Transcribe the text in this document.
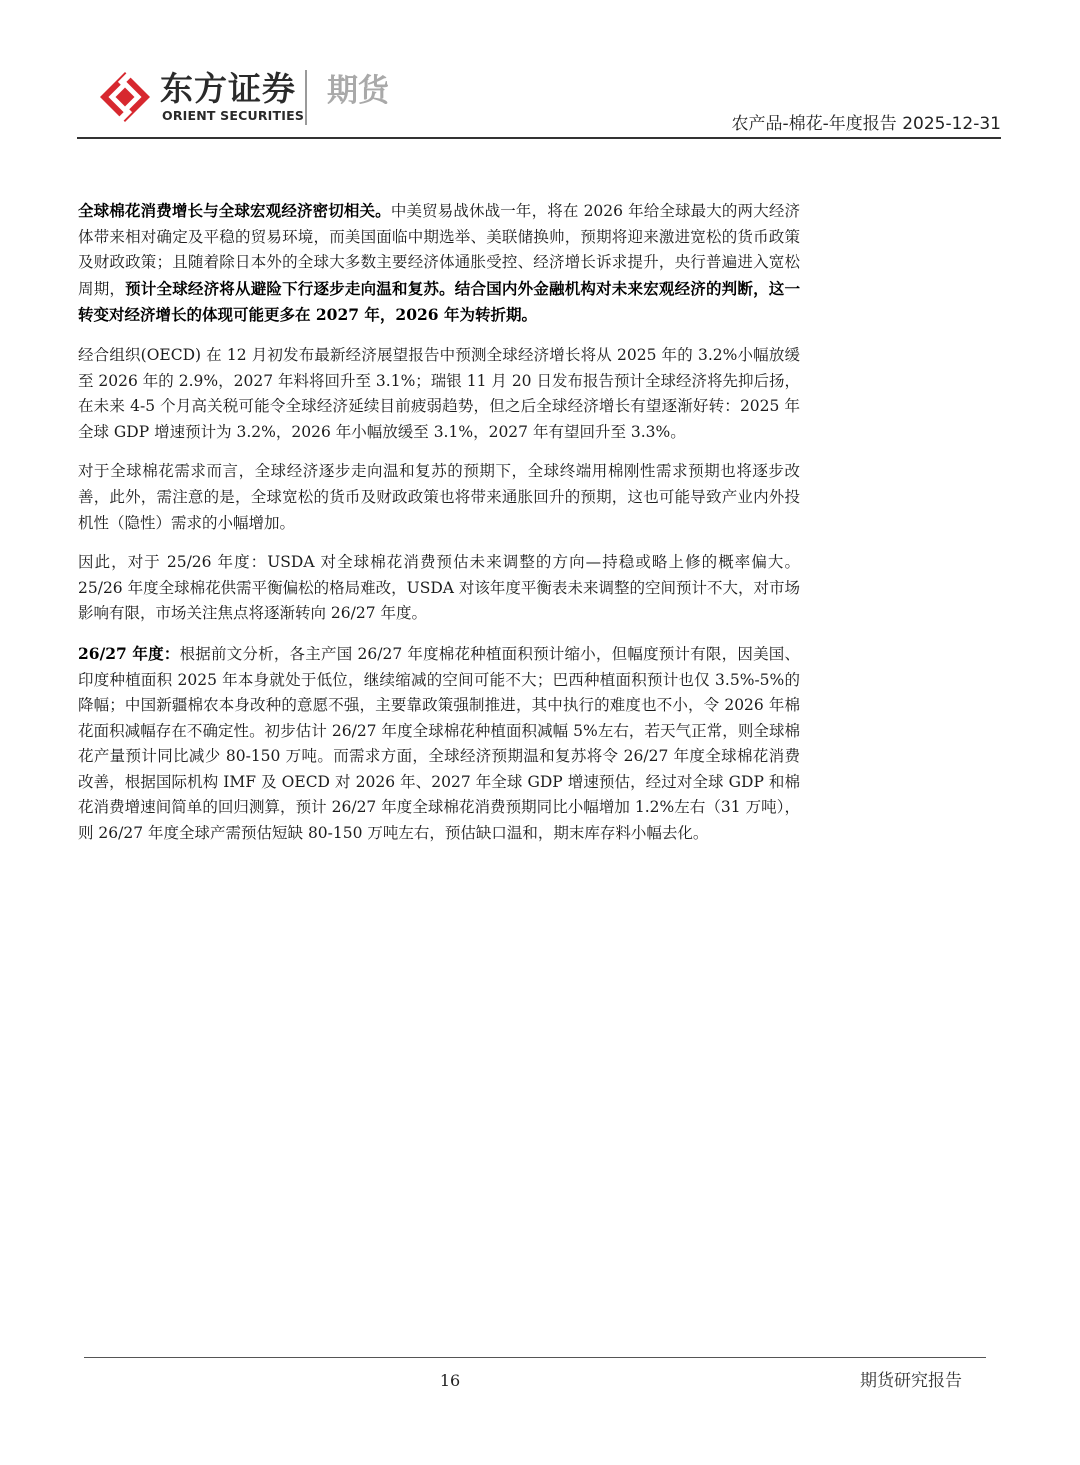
东方证券
ORIENT SECURITIES
期货
农产品-棉花-年度报告 2025-12-31

全球棉花消费增长与全球宏观经济密切相关。中美贸易战休战一年，将在 2026 年给全球最大的两大经济体带来相对确定及平稳的贸易环境，而美国面临中期选举、美联储换帅，预期将迎来激进宽松的货币政策及财政政策；且随着除日本外的全球大多数主要经济体通胀受控、经济增长诉求提升，央行普遍进入宽松周期，预计全球经济将从避险下行逐步走向温和复苏。结合国内外金融机构对未来宏观经济的判断，这一转变对经济增长的体现可能更多在 2027 年，2026 年为转折期。

经合组织(OECD) 在 12 月初发布最新经济展望报告中预测全球经济增长将从 2025 年的 3.2%小幅放缓至 2026 年的 2.9%，2027 年料将回升至 3.1%；瑞银 11 月 20 日发布报告预计全球经济将先抑后扬，在未来 4-5 个月高关税可能令全球经济延续目前疲弱趋势，但之后全球经济增长有望逐渐好转：2025 年全球 GDP 增速预计为 3.2%，2026 年小幅放缓至 3.1%，2027 年有望回升至 3.3%。

对于全球棉花需求而言，全球经济逐步走向温和复苏的预期下，全球终端用棉刚性需求预期也将逐步改善，此外，需注意的是，全球宽松的货币及财政政策也将带来通胀回升的预期，这也可能导致产业内外投机性（隐性）需求的小幅增加。

因此，对于 25/26 年度：USDA 对全球棉花消费预估未来调整的方向—持稳或略上修的概率偏大。25/26 年度全球棉花供需平衡偏松的格局难改，USDA 对该年度平衡表未来调整的空间预计不大，对市场影响有限，市场关注焦点将逐渐转向 26/27 年度。

26/27 年度：根据前文分析，各主产国 26/27 年度棉花种植面积预计缩小，但幅度预计有限，因美国、印度种植面积 2025 年本身就处于低位，继续缩减的空间可能不大；巴西种植面积预计也仅 3.5%-5%的降幅；中国新疆棉农本身改种的意愿不强，主要靠政策强制推进，其中执行的难度也不小，令 2026 年棉花面积减幅存在不确定性。初步估计 26/27 年度全球棉花种植面积减幅 5%左右，若天气正常，则全球棉花产量预计同比减少 80-150 万吨。而需求方面，全球经济预期温和复苏将令 26/27 年度全球棉花消费改善，根据国际机构 IMF 及 OECD 对 2026 年、2027 年全球 GDP 增速预估，经过对全球 GDP 和棉花消费增速间简单的回归测算，预计 26/27 年度全球棉花消费预期同比小幅增加 1.2%左右（31 万吨），则 26/27 年度全球产需预估短缺 80-150 万吨左右，预估缺口温和，期末库存料小幅去化。

16	期货研究报告
